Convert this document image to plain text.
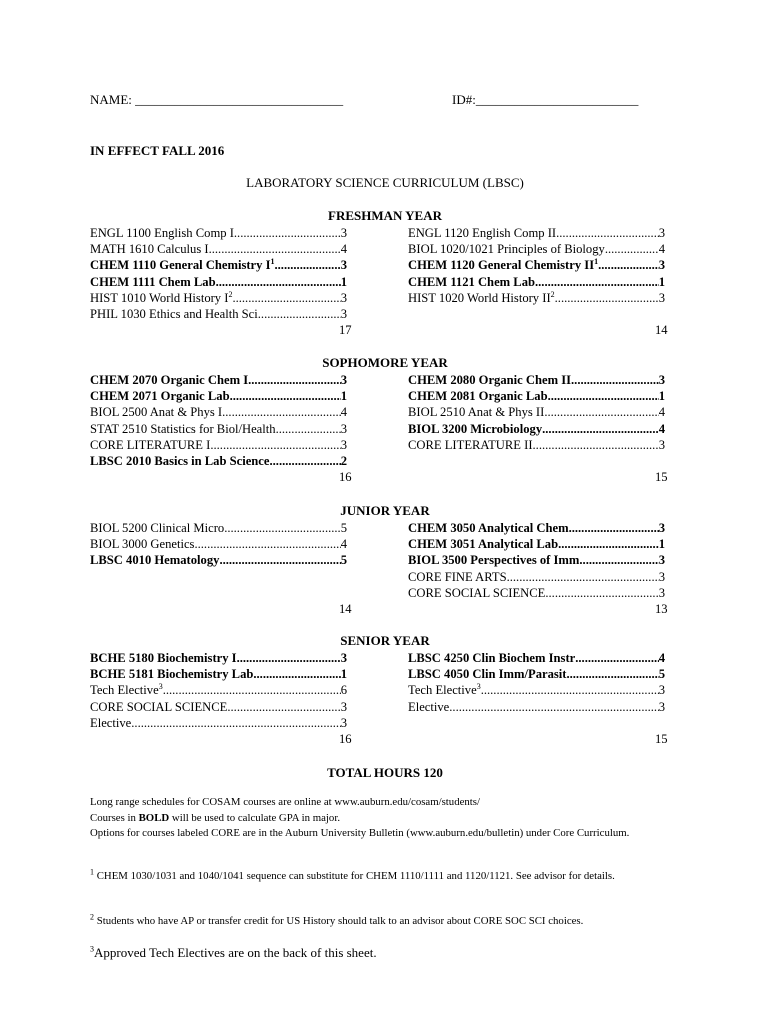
NAME: ________________________________	ID#:_________________________
IN EFFECT FALL 2016
LABORATORY SCIENCE CURRICULUM (LBSC)
FRESHMAN YEAR
ENGL 1100 English Comp I .....	3
MATH 1610 Calculus I .....	4
CHEM 1110 General Chemistry $I^1$ .....	3
CHEM 1111 Chem Lab .....	1
HIST 1010 World History $I^2$ .....	3
PHIL 1030 Ethics and Health Sci .....	3
ENGL 1120 English Comp II .....	3
BIOL 1020/1021 Principles of Biology .....	4
CHEM 1120 General Chemistry $II^1$ .....	3
CHEM 1121 Chem Lab .....	1
HIST 1020 World History $II^2$ .....	3
17	14
SOPHOMORE YEAR
CHEM 2070 Organic Chem I .....	3
CHEM 2071 Organic Lab .....	1
BIOL 2500 Anat & Phys I .....	4
STAT 2510 Statistics for Biol/Health .....	3
CORE LITERATURE I .....	3
LBSC 2010 Basics in Lab Science .....	2
CHEM 2080 Organic Chem II .....	3
CHEM 2081 Organic Lab .....	1
BIOL 2510 Anat & Phys II .....	4
BIOL 3200 Microbiology .....	4
CORE LITERATURE II .....	3
16	15
JUNIOR YEAR
BIOL 5200 Clinical Micro .....	5
BIOL 3000 Genetics .....	4
LBSC 4010 Hematology .....	5
CHEM 3050 Analytical Chem .....	3
CHEM 3051 Analytical Lab .....	1
BIOL 3500 Perspectives of Imm. .....	3
CORE FINE ARTS .....	3
CORE SOCIAL SCIENCE .....	3
14	13
SENIOR YEAR
BCHE 5180 Biochemistry I .....	3
BCHE 5181 Biochemistry Lab .....	1
Tech Elective$^3$ .....	6
CORE SOCIAL SCIENCE .....	3
Elective .....	3
LBSC 4250 Clin Biochem Instr .....	4
LBSC 4050 Clin Imm/Parasit .....	5
Tech Elective$^3$ .....	3
Elective .....	3
16	15
TOTAL HOURS 120
Long range schedules for COSAM courses are online at www.auburn.edu/cosam/students/
Courses in BOLD will be used to calculate GPA in major.
Options for courses labeled CORE are in the Auburn University Bulletin (www.auburn.edu/bulletin) under Core Curriculum.
$^1$ CHEM 1030/1031 and 1040/1041 sequence can substitute for CHEM 1110/1111 and 1120/1121. See advisor for details.
$^2$ Students who have AP or transfer credit for US History should talk to an advisor about CORE SOC SCI choices.
$^3$Approved Tech Electives are on the back of this sheet.
